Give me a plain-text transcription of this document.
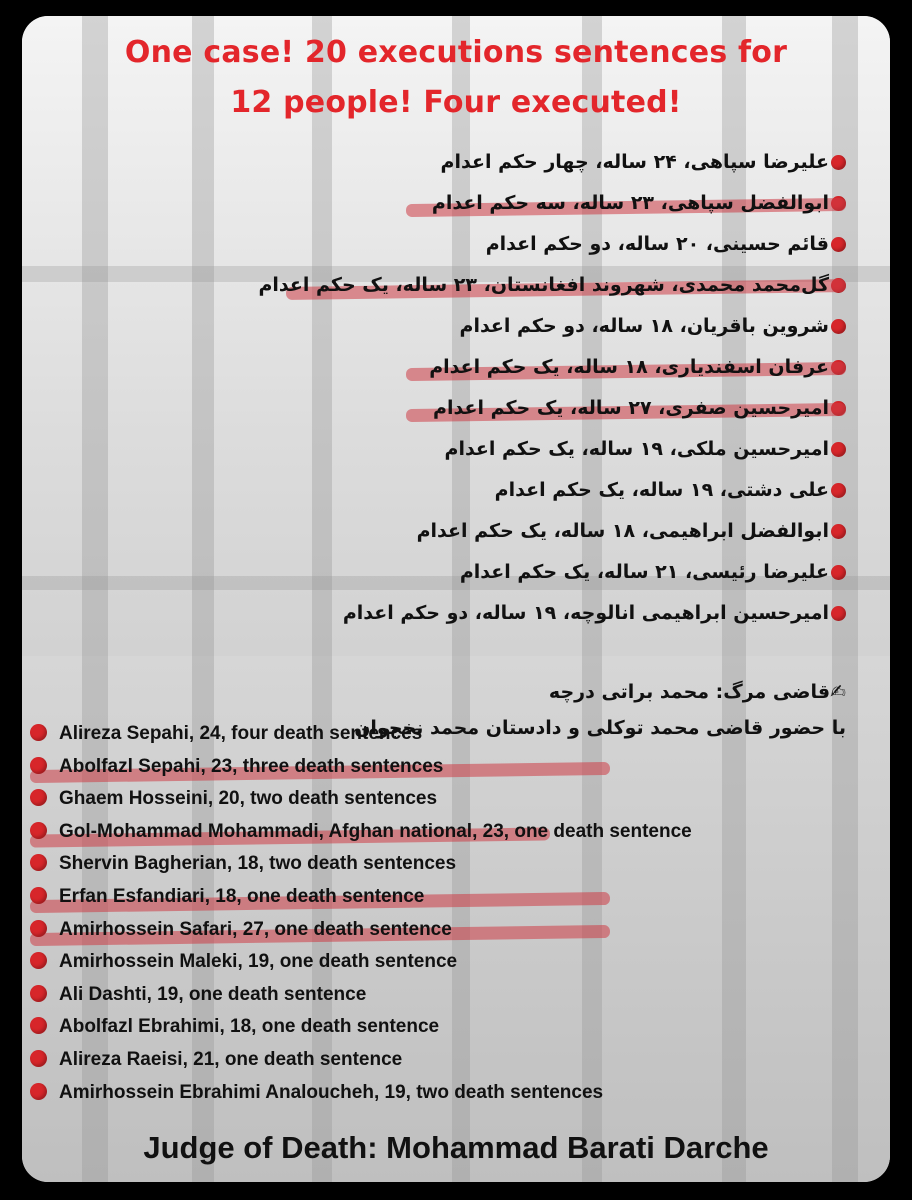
One case! 20 executions sentences for
12 people! Four executed!
علیرضا سپاهی، ۲۴ ساله، چهار حکم اعدام
ابوالفضل سپاهی، ۲۳ ساله، سه حکم اعدام
قائم حسینی، ۲۰ ساله، دو حکم اعدام
گل‌محمد محمدی، شهروند افغانستان، ۲۳ ساله، یک حکم اعدام
شروین باقریان، ۱۸ ساله، دو حکم اعدام
عرفان اسفندیاری، ۱۸ ساله، یک حکم اعدام
امیرحسین صفری، ۲۷ ساله، یک حکم اعدام
امیرحسین ملکی، ۱۹ ساله، یک حکم اعدام
علی دشتی، ۱۹ ساله، یک حکم اعدام
ابوالفضل ابراهیمی، ۱۸ ساله، یک حکم اعدام
علیرضا رئیسی، ۲۱ ساله، یک حکم اعدام
امیرحسین ابراهیمی انالوچه، ۱۹ ساله، دو حکم اعدام
✍قاضی مرگ: محمد براتی درچه
با حضور قاضی محمد توکلی و دادستان محمد نخجوان
Alireza Sepahi, 24, four death sentences
Abolfazl Sepahi, 23, three death sentences
Ghaem Hosseini, 20, two death sentences
Gol-Mohammad Mohammadi, Afghan national, 23, one death sentence
Shervin Bagherian, 18, two death sentences
Erfan Esfandiari, 18, one death sentence
Amirhossein Safari, 27, one death sentence
Amirhossein Maleki, 19, one death sentence
Ali Dashti, 19, one death sentence
Abolfazl Ebrahimi, 18, one death sentence
Alireza Raeisi, 21, one death sentence
Amirhossein Ebrahimi Analoucheh, 19, two death sentences
Judge of Death: Mohammad Barati Darche
